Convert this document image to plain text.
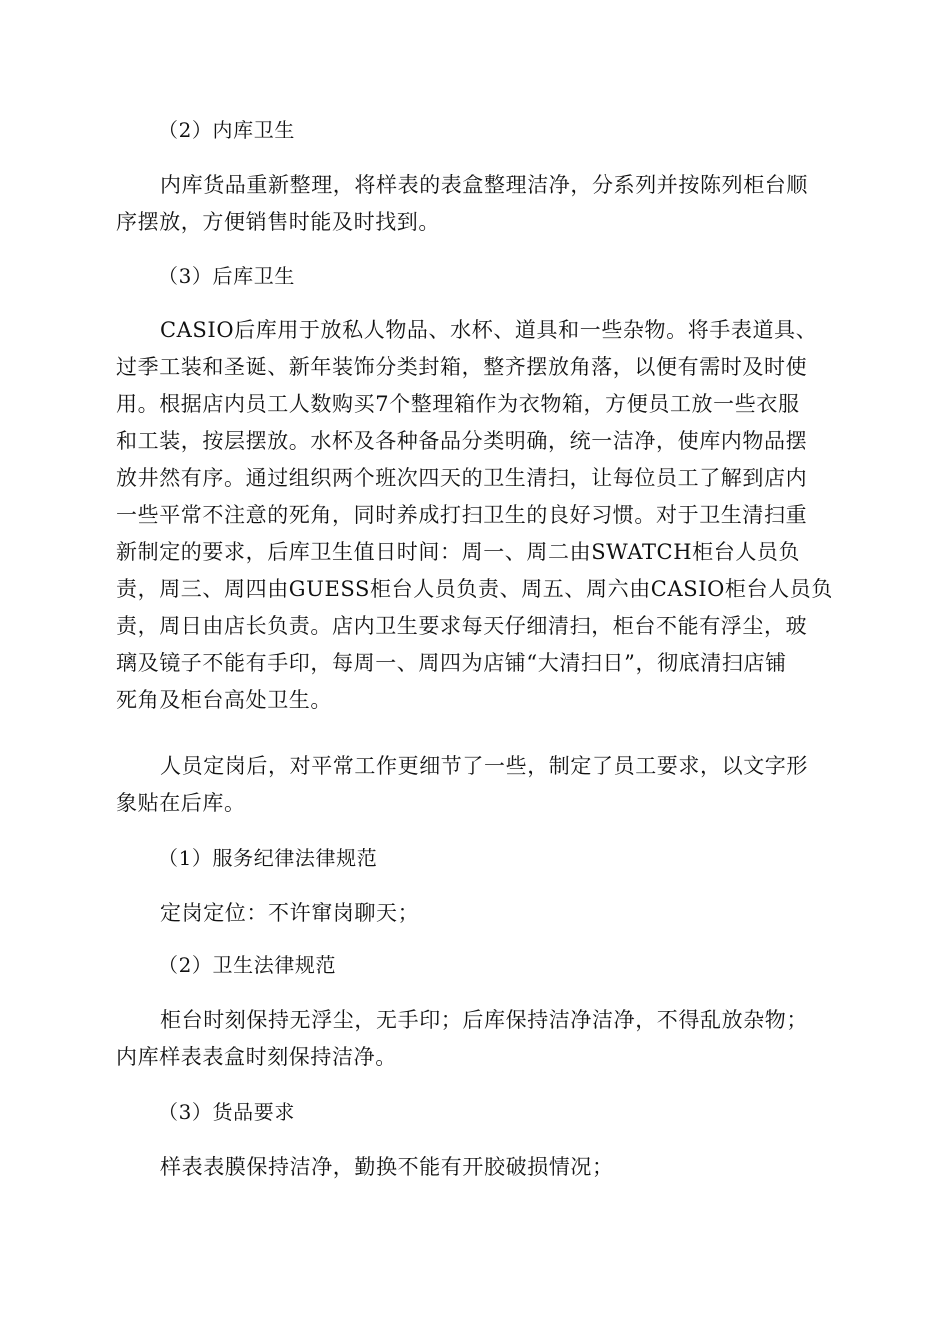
（2）内库卫生

内库货品重新整理，将样表的表盒整理洁净，分系列并按陈列柜台顺
序摆放，方便销售时能及时找到。

（3）后库卫生

CASIO后库用于放私人物品、水杯、道具和一些杂物。将手表道具、
过季工装和圣诞、新年装饰分类封箱，整齐摆放角落，以便有需时及时使
用。根据店内员工人数购买7个整理箱作为衣物箱，方便员工放一些衣服
和工装，按层摆放。水杯及各种备品分类明确，统一洁净，使库内物品摆
放井然有序。通过组织两个班次四天的卫生清扫，让每位员工了解到店内
一些平常不注意的死角，同时养成打扫卫生的良好习惯。对于卫生清扫重
新制定的要求，后库卫生值日时间：周一、周二由SWATCH柜台人员负
责，周三、周四由GUESS柜台人员负责、周五、周六由CASIO柜台人员负
责，周日由店长负责。店内卫生要求每天仔细清扫，柜台不能有浮尘，玻
璃及镜子不能有手印，每周一、周四为店铺“大清扫日”，彻底清扫店铺
死角及柜台高处卫生。

人员定岗后，对平常工作更细节了一些，制定了员工要求，以文字形
象贴在后库。

（1）服务纪律法律规范

定岗定位：不许窜岗聊天；

（2）卫生法律规范

柜台时刻保持无浮尘，无手印；后库保持洁净洁净，不得乱放杂物；
内库样表表盒时刻保持洁净。

（3）货品要求

样表表膜保持洁净，勤换不能有开胶破损情况；
